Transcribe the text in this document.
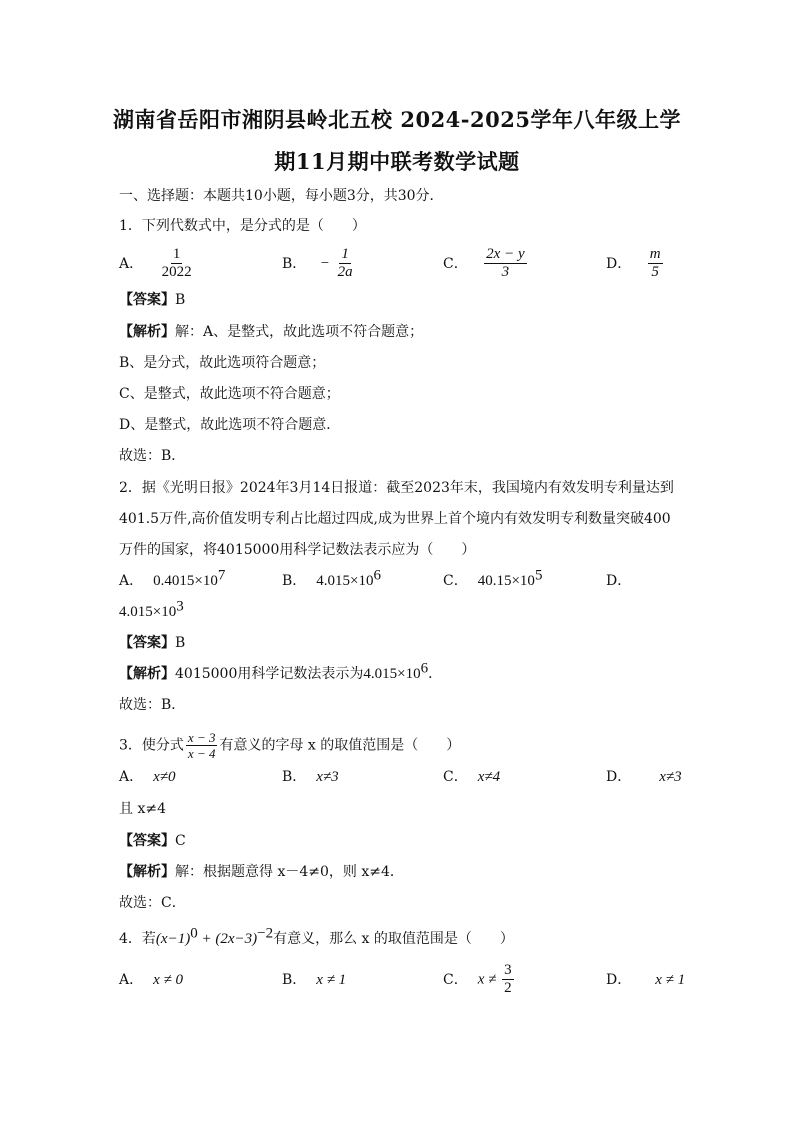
湖南省岳阳市湘阴县岭北五校 2024-2025学年八年级上学
期11月期中联考数学试题
一、选择题：本题共10小题，每小题3分，共30分．
1．下列代数式中，是分式的是（　　）
A． $\frac{1}{2022}$	B． − $\frac{1}{2a}$	C． $\frac{2x - y}{3}$	D． $\frac{m}{5}$
【答案】B
【解析】解：A、是整式，故此选项不符合题意；
B、是分式，故此选项符合题意；
C、是整式，故此选项不符合题意；
D、是整式，故此选项不符合题意．
故选：B．
2．据《光明日报》2024年3月14日报道：截至2023年末，我国境内有效发明专利量达到
401.5万件,高价值发明专利占比超过四成,成为世界上首个境内有效发明专利数量突破400
万件的国家，将4015000用科学记数法表示应为（　　）
A． $0.4015\times 10^7$	B． $4.015\times 10^6$	C． $40.15\times 10^5$	D．
$4.015\times 10^3$
【答案】B
【解析】4015000用科学记数法表示为$4.015\times 10^6$．
故选：B．
3．使分式 $\frac{x - 3}{x - 4}$ 有意义的字母 x 的取值范围是（　　）
A． x≠0	B． x≠3	C． x≠4	D． x≠3
且 x≠4
【答案】C
【解析】解：根据题意得 x－4≠0，则 x≠4．
故选：C．
4．若$(x-1)^0 + (2x-3)^{-2}$有意义，那么 x 的取值范围是（　　）
A． x ≠ 0	B． x ≠ 1	C． $x \ne \frac{3}{2}$	D． x ≠ 1
